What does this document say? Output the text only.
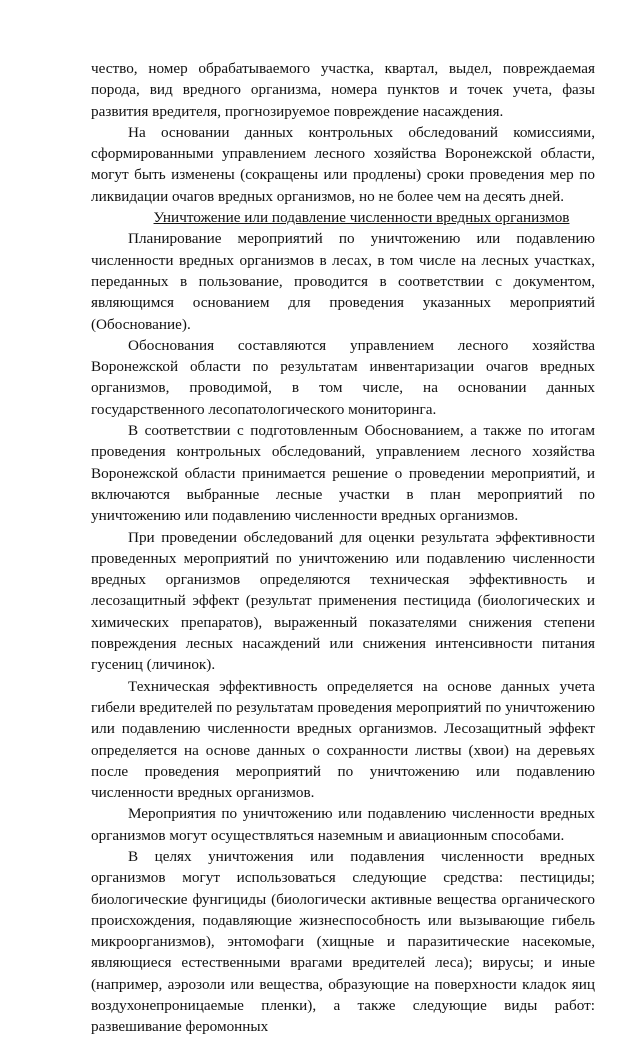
чество, номер обрабатываемого участка, квартал, выдел, повреждаемая порода, вид вредного организма, номера пунктов и точек учета, фазы развития вредителя, прогнозируемое повреждение насаждения.

На основании данных контрольных обследований комиссиями, сформированными управлением лесного хозяйства Воронежской области, могут быть изменены (сокращены или продлены) сроки проведения мер по ликвидации очагов вредных организмов, но не более чем на десять дней.

Уничтожение или подавление численности вредных организмов

Планирование мероприятий по уничтожению или подавлению численности вредных организмов в лесах, в том числе на лесных участках, переданных в пользование, проводится в соответствии с документом, являющимся основанием для проведения указанных мероприятий (Обоснование).

Обоснования составляются управлением лесного хозяйства Воронежской области по результатам инвентаризации очагов вредных организмов, проводимой, в том числе, на основании данных государственного лесопатологического мониторинга.

В соответствии с подготовленным Обоснованием, а также по итогам проведения контрольных обследований, управлением лесного хозяйства Воронежской области принимается решение о проведении мероприятий, и включаются выбранные лесные участки в план мероприятий по уничтожению или подавлению численности вредных организмов.

При проведении обследований для оценки результата эффективности проведенных мероприятий по уничтожению или подавлению численности вредных организмов определяются техническая эффективность и лесозащитный эффект (результат применения пестицида (биологических и химических препаратов), выраженный показателями снижения степени повреждения лесных насаждений или снижения интенсивности питания гусениц (личинок).

Техническая эффективность определяется на основе данных учета гибели вредителей по результатам проведения мероприятий по уничтожению или подавлению численности вредных организмов. Лесозащитный эффект определяется на основе данных о сохранности листвы (хвои) на деревьях после проведения мероприятий по уничтожению или подавлению численности вредных организмов.

Мероприятия по уничтожению или подавлению численности вредных организмов могут осуществляться наземным и авиационным способами.

В целях уничтожения или подавления численности вредных организмов могут использоваться следующие средства: пестициды; биологические фунгициды (биологически активные вещества органического происхождения, подавляющие жизнеспособность или вызывающие гибель микроорганизмов), энтомофаги (хищные и паразитические насекомые, являющиеся естественными врагами вредителей леса); вирусы; и иные (например, аэрозоли или вещества, образующие на поверхности кладок яиц воздухонепроницаемые пленки), а также следующие виды работ: развешивание феромонных
